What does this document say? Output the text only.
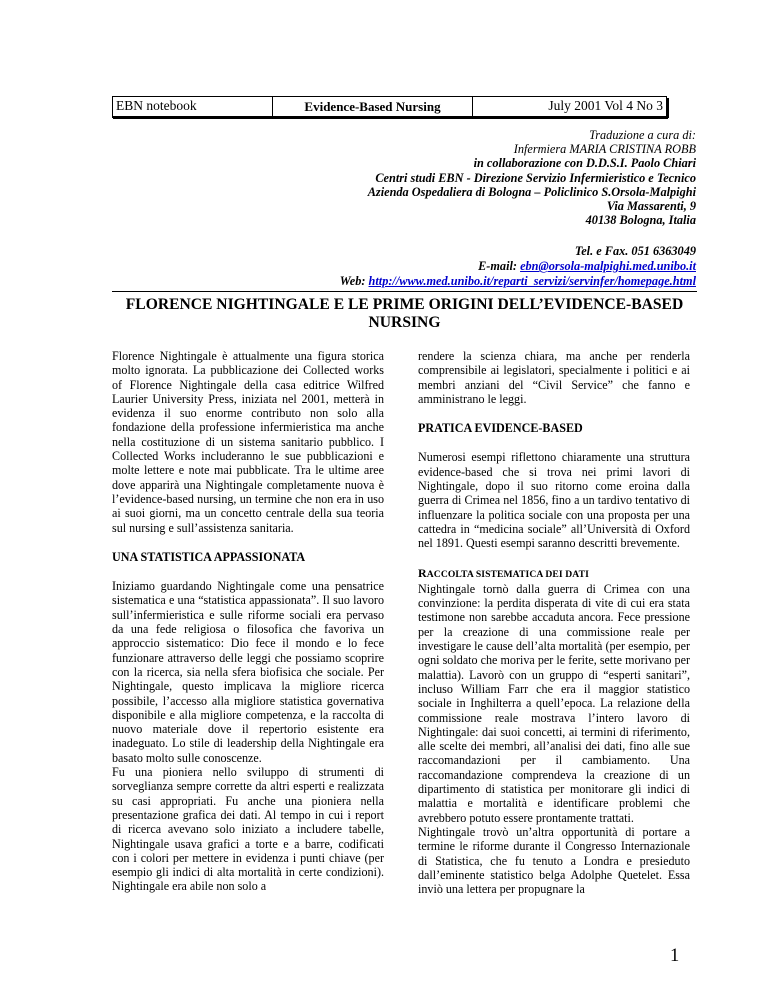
EBN notebook	Evidence-Based Nursing	July 2001 Vol 4 No 3
Traduzione a cura di:
Infermiera MARIA CRISTINA ROBB
in collaborazione con D.D.S.I. Paolo Chiari
Centri studi EBN - Direzione Servizio Infermieristico e Tecnico
Azienda Ospedaliera di Bologna – Policlinico S.Orsola-Malpighi
Via Massarenti, 9
40138 Bologna, Italia
Tel. e Fax. 051 6363049
E-mail: ebn@orsola-malpighi.med.unibo.it
Web: http://www.med.unibo.it/reparti_servizi/servinfer/homepage.html
FLORENCE NIGHTINGALE E LE PRIME ORIGINI DELL’EVIDENCE-BASED
NURSING

Florence Nightingale è attualmente una figura storica molto ignorata. La pubblicazione dei Collected works of Florence Nightingale della casa editrice Wilfred Laurier University Press, iniziata nel 2001, metterà in evidenza il suo enorme contributo non solo alla fondazione della professione infermieristica ma anche nella costituzione di un sistema sanitario pubblico. I Collected Works includeranno le sue pubblicazioni e molte lettere e note mai pubblicate. Tra le ultime aree dove apparirà una Nightingale completamente nuova è l’evidence-based nursing, un termine che non era in uso ai suoi giorni, ma un concetto centrale della sua teoria sul nursing e sull’assistenza sanitaria.

UNA STATISTICA APPASSIONATA

Iniziamo guardando Nightingale come una pensatrice sistematica e una “statistica appassionata”. Il suo lavoro sull’infermieristica e sulle riforme sociali era pervaso da una fede religiosa o filosofica che favoriva un approccio sistematico: Dio fece il mondo e lo fece funzionare attraverso delle leggi che possiamo scoprire con la ricerca, sia nella sfera biofisica che sociale. Per Nightingale, questo implicava la migliore ricerca possibile, l’accesso alla migliore statistica governativa disponibile e alla migliore competenza, e la raccolta di nuovo materiale dove il repertorio esistente era inadeguato. Lo stile di leadership della Nightingale era basato molto sulle conoscenze.

Fu una pioniera nello sviluppo di strumenti di sorveglianza sempre corrette da altri esperti e realizzata su casi appropriati. Fu anche una pioniera nella presentazione grafica dei dati. Al tempo in cui i report di ricerca avevano solo iniziato a includere tabelle, Nightingale usava grafici a torte e a barre, codificati con i colori per mettere in evidenza i punti chiave (per esempio gli indici di alta mortalità in certe condizioni). Nightingale era abile non solo a

rendere la scienza chiara, ma anche per renderla comprensibile ai legislatori, specialmente i politici e ai membri anziani del “Civil Service” che fanno e amministrano le leggi.

PRATICA EVIDENCE-BASED

Numerosi esempi riflettono chiaramente una struttura evidence-based che si trova nei primi lavori di Nightingale, dopo il suo ritorno come eroina dalla guerra di Crimea nel 1856, fino a un tardivo tentativo di influenzare la politica sociale con una proposta per una cattedra in “medicina sociale” all’Università di Oxford nel 1891. Questi esempi saranno descritti brevemente.

RACCOLTA SISTEMATICA DEI DATI

Nightingale tornò dalla guerra di Crimea con una convinzione: la perdita disperata di vite di cui era stata testimone non sarebbe accaduta ancora. Fece pressione per la creazione di una commissione reale per investigare le cause dell’alta mortalità (per esempio, per ogni soldato che moriva per le ferite, sette morivano per malattia). Lavorò con un gruppo di “esperti sanitari”, incluso William Farr che era il maggior statistico sociale in Inghilterra a quell’epoca. La relazione della commissione reale mostrava l’intero lavoro di Nightingale: dai suoi concetti, ai termini di riferimento, alle scelte dei membri, all’analisi dei dati, fino alle sue raccomandazioni per il cambiamento. Una raccomandazione comprendeva la creazione di un dipartimento di statistica per monitorare gli indici di malattia e mortalità e identificare problemi che avrebbero potuto essere prontamente trattati.

Nightingale trovò un’altra opportunità di portare a termine le riforme durante il Congresso Internazionale di Statistica, che fu tenuto a Londra e presieduto dall’eminente statistico belga Adolphe Quetelet. Essa inviò una lettera per propugnare la

1
